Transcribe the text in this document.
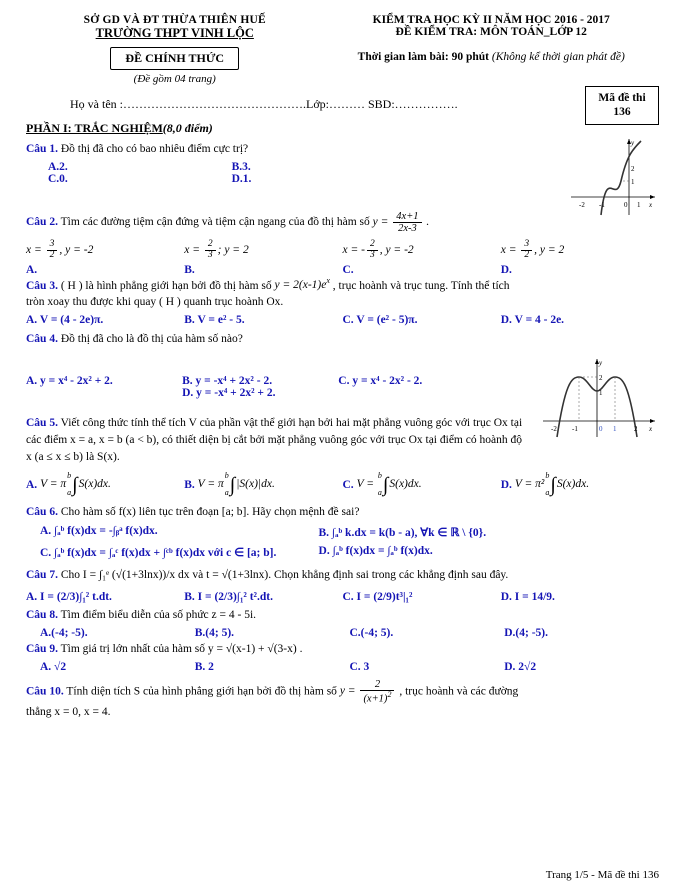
SỞ GD VÀ ĐT THỪA THIÊN HUẾ
TRƯỜNG THPT VINH LỘC
KIỂM TRA HỌC KỲ II NĂM HỌC 2016 - 2017
ĐỀ KIỂM TRA: MÔN TOÁN_LỚP 12
ĐỀ CHÍNH THỨC
(Đề gồm 04 trang)
Thời gian làm bài: 90 phút (Không kể thời gian phát đề)
Mã đề thi
136
Họ và tên :……………………………………….Lớp:……… SBD:…………….
PHẦN I: TRẮC NGHIỆM(8,0 điểm)
Câu 1. Đồ thị đã cho có bao nhiêu điểm cực trị?
A.2.	B.3.
C.0.	D.1.
y
x
-2 -1	0 1
2
1
Câu 2. Tìm các đường tiệm cận đứng và tiệm cận ngang của đồ thị hàm số $y = \frac{4x+1}{2x-3}$ .
$x = \frac{3}{2}$ , y = -2	$x = \frac{2}{3}$ ; y = 2	x = - $\frac{2}{3}$ , y = -2	$x = \frac{3}{2}$ , y = 2
A.	B.	C.	D.
Câu 3. ( H ) là hình phẳng giới hạn bởi đồ thị hàm số $y = 2(x-1)e^x$ , trục hoành và trục tung. Tính thể tích
tròn xoay thu được khi quay ( H ) quanh trục hoành Ox.
A. V = (4 - 2e)π.	B. V = e² - 5.	C. V = (e² - 5)π.	D. V = 4 - 2e.
Câu 4. Đồ thị đã cho là đồ thị của hàm số nào?
y
x
-2 -1	0 1	2
2
1
A. y = x⁴ - 2x² + 2.	B. y = -x⁴ + 2x² - 2.	C. y = x⁴ - 2x² - 2.
D. y = -x⁴ + 2x² + 2.
Câu 5. Viết công thức tính thể tích V của phần vật thể giới hạn bởi hai mặt phẳng vuông góc với trục Ox tại
các điểm x = a, x = b (a < b), có thiết diện bị cắt bởi mặt phẳng vuông góc với trục Ox tại điểm có hoành độ
x (a ≤ x ≤ b) là S(x).
A. V = π
b

a ∫ S(x)dx.	B. V = π
b

a ∫ |S(x)|dx.	C. V =
b

a ∫ S(x)dx.	D. V = π²
b

a ∫ S(x)dx.
Câu 6. Cho hàm số f(x) liên tục trên đoạn [a; b]. Hãy chọn mệnh đề sai?
A. ∫ₐᵇ f(x)dx = -∫ᵦᵃ f(x)dx.	B. ∫ₐᵇ k.dx = k(b - a), ∀k ∈ ℝ \ {0}.
C. ∫ₐᵇ f(x)dx = ∫ₐᶜ f(x)dx + ∫ᶜᵇ f(x)dx với c ∈ [a; b].	D. ∫ₐᵇ f(x)dx = ∫ₐᵇ f(x)dx.
Câu 7. Cho I = ∫₁ᵉ (√(1+3lnx))/x dx và t = √(1+3lnx). Chọn khẳng định sai trong các khẳng định sau đây.
A. I = (2/3)∫₁² t.dt.	B. I = (2/3)∫₁² t².dt.	C. I = (2/9)t³|₁²	D. I = 14/9.
Câu 8. Tìm điểm biểu diễn của số phức z = 4 - 5i.
A.(-4; -5).	B.(4; 5).	C.(-4; 5).	D.(4; -5).
Câu 9. Tìm giá trị lớn nhất của hàm số y = √(x-1) + √(3-x) .
A. √2	B. 2	C. 3	D. 2√2
Câu 10. Tính diện tích S của hình phẳng giới hạn bởi đồ thị hàm số $y = \frac{2}{(x+1)^2}$ , trục hoành và các đường
thẳng x = 0, x = 4.
Trang 1/5 - Mã đề thi 136
